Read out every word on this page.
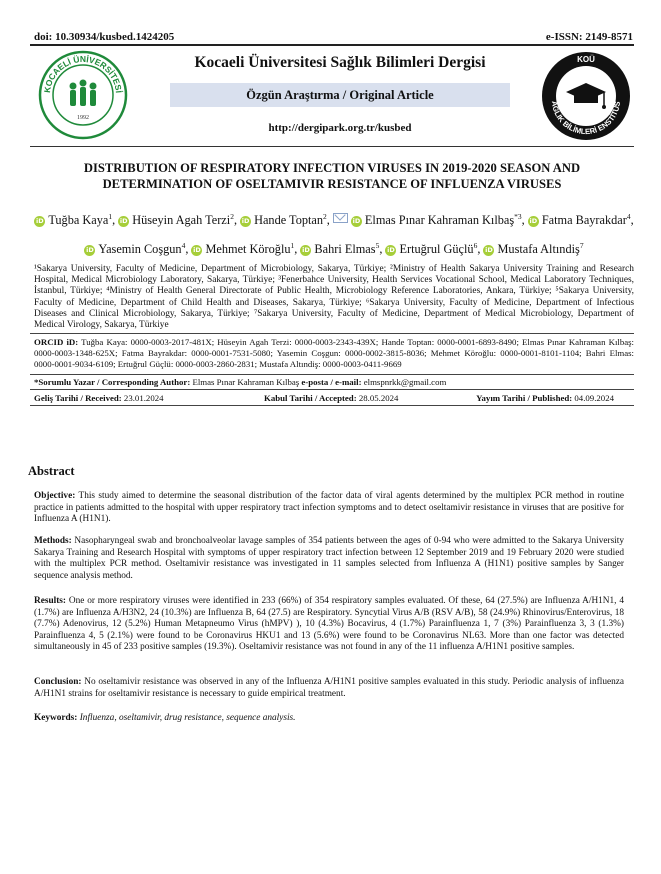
doi: 10.30934/kusbed.1424205	e-ISSN: 2149-8571
KOCAELİ ÜNİVERSİTESİ
1992
AĞLIK BİLİMLERİ ENSTİTÜS
KOÜ
Kocaeli Üniversitesi Sağlık Bilimleri Dergisi
Özgün Araştırma / Original Article
http://dergipark.org.tr/kusbed
DISTRIBUTION OF RESPIRATORY INFECTION VIRUSES IN 2019-2020 SEASON AND
DETERMINATION OF OSELTAMIVIR RESISTANCE OF INFLUENZA VIRUSES
iD Tuğba Kaya$^1$, iD Hüseyin Agah Terzi$^2$, iD Hande Toptan$^2$,	iD Elmas Pınar Kahraman Kılbaş$^{*3}$, iD Fatma Bayrakdar$^4$, iD Yasemin Coşgun$^4$, iD Mehmet Köroğlu$^1$, iD Bahri Elmas$^5$, iD Ertuğrul Güçlü$^6$, iD Mustafa Altındiş$^7$
¹Sakarya University, Faculty of Medicine, Department of Microbiology, Sakarya, Türkiye; ²Ministry of Health Sakarya University Training and Research Hospital, Medical Microbiology Laboratory, Sakarya, Türkiye; ³Fenerbahce University, Health Services Vocational School, Medical Laboratory Techniques, İstanbul, Türkiye; ⁴Ministry of Health General Directorate of Public Health, Microbiology Reference Laboratories, Ankara, Türkiye; ⁵Sakarya University, Faculty of Medicine, Department of Child Health and Diseases, Sakarya, Türkiye; ⁶Sakarya University, Faculty of Medicine, Department of Infectious Diseases and Clinical Microbiology, Sakarya, Türkiye; ⁷Sakarya University, Faculty of Medicine, Department of Medical Microbiology, Department of Medical Virology, Sakarya, Türkiye
ORCID iD: Tuğba Kaya: 0000-0003-2017-481X; Hüseyin Agah Terzi: 0000-0003-2343-439X; Hande Toptan: 0000-0001-6893-8490; Elmas Pınar Kahraman Kılbaş: 0000-0003-1348-625X; Fatma Bayrakdar: 0000-0001-7531-5080; Yasemin Coşgun: 0000-0002-3815-8036; Mehmet Köroğlu: 0000-0001-8101-1104; Bahri Elmas: 0000-0001-9034-6109; Ertuğrul Güçlü: 0000-0003-2860-2831; Mustafa Altındiş: 0000-0003-0411-9669
*Sorumlu Yazar / Corresponding Author: Elmas Pınar Kahraman Kılbaş e-posta / e-mail: elmspnrkk@gmail.com
Geliş Tarihi / Received: 23.01.2024	Kabul Tarihi / Accepted: 28.05.2024	Yayım Tarihi / Published: 04.09.2024
Abstract
Objective: This study aimed to determine the seasonal distribution of the factor data of viral agents determined by the multiplex PCR method in routine practice in patients admitted to the hospital with upper respiratory tract infection symptoms and to detect oseltamivir resistance in viruses that are positive for Influenza A (H1N1).
Methods: Nasopharyngeal swab and bronchoalveolar lavage samples of 354 patients between the ages of 0-94 who were admitted to the Sakarya University Sakarya Training and Research Hospital with symptoms of upper respiratory tract infection between 12 September 2019 and 19 February 2020 were studied with the multiplex PCR method. Oseltamivir resistance was investigated in 11 samples selected from Influenza A (H1N1) positive samples by Sanger sequence analysis method.
Results: One or more respiratory viruses were identified in 233 (66%) of 354 respiratory samples evaluated. Of these, 64 (27.5%) are Influenza A/H1N1, 4 (1.7%) are Influenza A/H3N2, 24 (10.3%) are Influenza B, 64 (27.5) are Respiratory. Syncytial Virus A/B (RSV A/B), 58 (24.9%) Rhinovirus/Enterovirus, 18 (7.7%) Adenovirus, 12 (5.2%) Human Metapneumo Virus (hMPV) ), 10 (4.3%) Bocavirus, 4 (1.7%) Parainfluenza 1, 7 (3%) Parainfluenza 3, 3 (1.3%) Parainfluenza 4, 5 (2.1%) were found to be Coronavirus HKU1 and 13 (5.6%) were found to be Coronavirus NL63. More than one factor was detected simultaneously in 45 of 233 positive samples (19.3%). Oseltamivir resistance was not found in any of the 11 influenza A/H1N1 positive samples.
Conclusion: No oseltamivir resistance was observed in any of the Influenza A/H1N1 positive samples evaluated in this study. Periodic analysis of influenza A/H1N1 strains for oseltamivir resistance is necessary to guide empirical treatment.
Keywords: Influenza, oseltamivir, drug resistance, sequence analysis.
